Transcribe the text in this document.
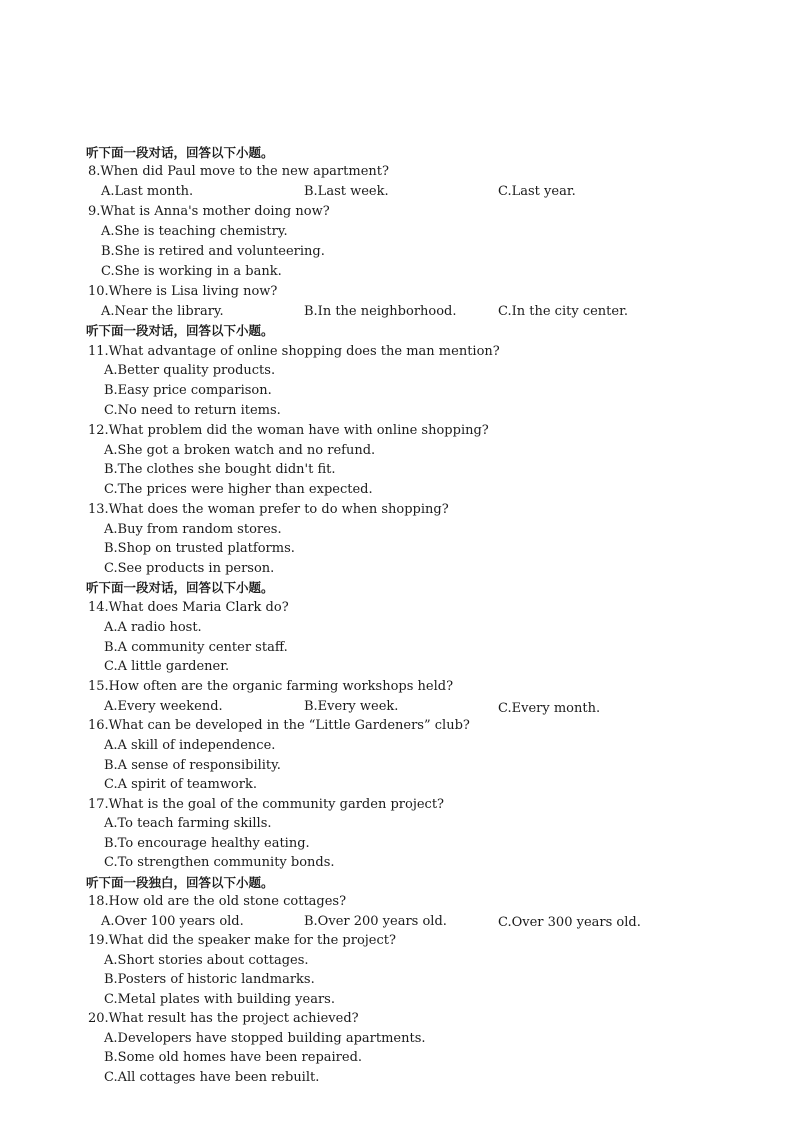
听下面一段对话，回答以下小题。
8.When did Paul move to the new apartment?
A.Last month.	B.Last week.	C.Last year.
9.What is Anna's mother doing now?
A.She is teaching chemistry.
B.She is retired and volunteering.
C.She is working in a bank.
10.Where is Lisa living now?
A.Near the library.	B.In the neighborhood.	C.In the city center.
听下面一段对话，回答以下小题。
11.What advantage of online shopping does the man mention?
A.Better quality products.
B.Easy price comparison.
C.No need to return items.
12.What problem did the woman have with online shopping?
A.She got a broken watch and no refund.
B.The clothes she bought didn't fit.
C.The prices were higher than expected.
13.What does the woman prefer to do when shopping?
A.Buy from random stores.
B.Shop on trusted platforms.
C.See products in person.
听下面一段对话，回答以下小题。
14.What does Maria Clark do?
A.A radio host.
B.A community center staff.
C.A little gardener.
15.How often are the organic farming workshops held?
A.Every weekend.	B.Every week.	C.Every month.
16.What can be developed in the “Little Gardeners” club?
A.A skill of independence.
B.A sense of responsibility.
C.A spirit of teamwork.
17.What is the goal of the community garden project?
A.To teach farming skills.
B.To encourage healthy eating.
C.To strengthen community bonds.
听下面一段独白，回答以下小题。
18.How old are the old stone cottages?
A.Over 100 years old.	B.Over 200 years old.	C.Over 300 years old.
19.What did the speaker make for the project?
A.Short stories about cottages.
B.Posters of historic landmarks.
C.Metal plates with building years.
20.What result has the project achieved?
A.Developers have stopped building apartments.
B.Some old homes have been repaired.
C.All cottages have been rebuilt.
